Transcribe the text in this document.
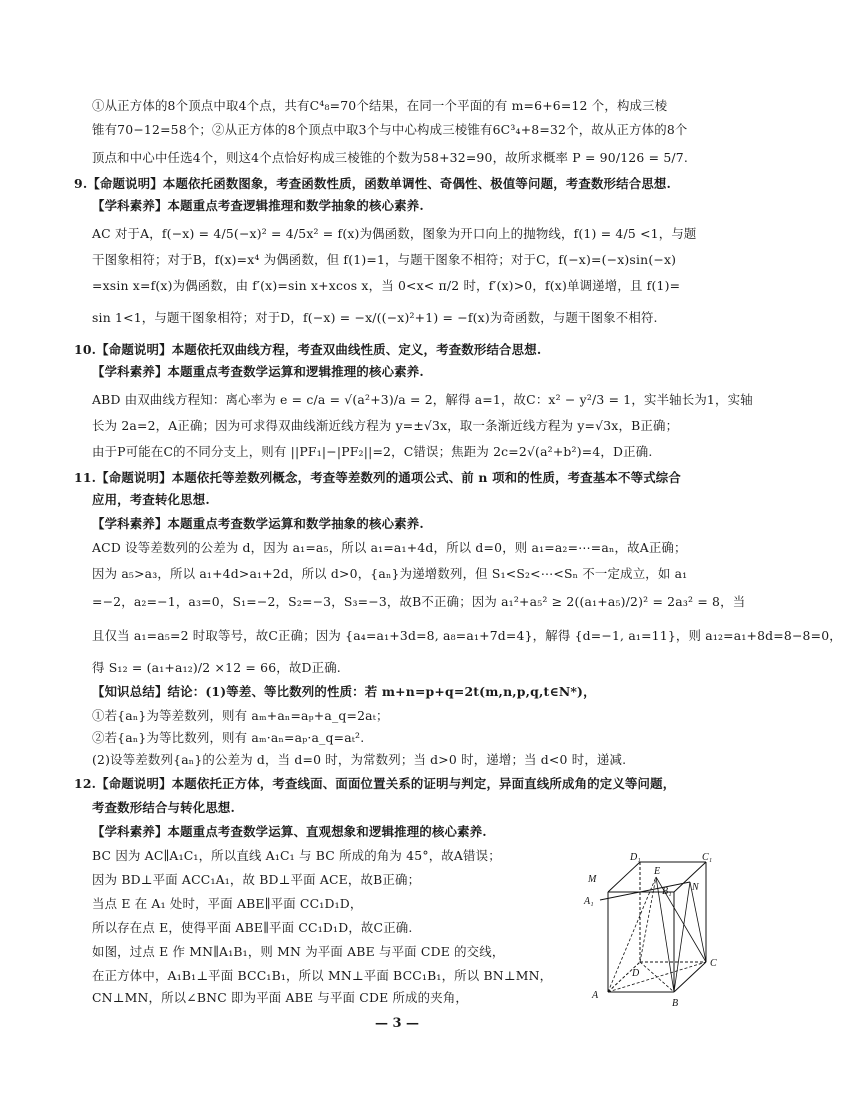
①从正方体的8个顶点中取4个点，共有C⁴₈=70个结果，在同一个平面的有 m=6+6=12 个，构成三棱
锥有70−12=58个；②从正方体的8个顶点中取3个与中心构成三棱锥有6C³₄+8=32个，故从正方体的8个
顶点和中心中任选4个，则这4个点恰好构成三棱锥的个数为58+32=90，故所求概率 P = 90/126 = 5/7.
9.【命题说明】本题依托函数图象，考查函数性质，函数单调性、奇偶性、极值等问题，考查数形结合思想.
【学科素养】本题重点考查逻辑推理和数学抽象的核心素养.
AC 对于A，f(−x) = 4/5(−x)² = 4/5x² = f(x)为偶函数，图象为开口向上的抛物线，f(1) = 4/5 <1，与题
干图象相符；对于B，f(x)=x⁴ 为偶函数，但 f(1)=1，与题干图象不相符；对于C，f(−x)=(−x)sin(−x)
=xsin x=f(x)为偶函数，由 f′(x)=sin x+xcos x，当 0<x< π/2 时，f′(x)>0，f(x)单调递增，且 f(1)=
sin 1<1，与题干图象相符；对于D，f(−x) = −x/((−x)²+1) = −f(x)为奇函数，与题干图象不相符.
10.【命题说明】本题依托双曲线方程，考查双曲线性质、定义，考查数形结合思想.
【学科素养】本题重点考查数学运算和逻辑推理的核心素养.
ABD 由双曲线方程知：离心率为 e = c/a = √(a²+3)/a = 2，解得 a=1，故C：x² − y²/3 = 1，实半轴长为1，实轴
长为 2a=2，A正确；因为可求得双曲线渐近线方程为 y=±√3x，取一条渐近线方程为 y=√3x，B正确；
由于P可能在C的不同分支上，则有 ||PF₁|−|PF₂||=2，C错误；焦距为 2c=2√(a²+b²)=4，D正确.
11.【命题说明】本题依托等差数列概念，考查等差数列的通项公式、前 n 项和的性质，考查基本不等式综合
应用，考查转化思想.
【学科素养】本题重点考查数学运算和数学抽象的核心素养.
ACD 设等差数列的公差为 d，因为 a₁=a₅，所以 a₁=a₁+4d，所以 d=0，则 a₁=a₂=⋯=aₙ，故A正确；
因为 a₅>a₃，所以 a₁+4d>a₁+2d，所以 d>0，{aₙ}为递增数列，但 S₁<S₂<⋯<Sₙ 不一定成立，如 a₁
=−2，a₂=−1，a₃=0，S₁=−2，S₂=−3，S₃=−3，故B不正确；因为 a₁²+a₅² ≥ 2((a₁+a₅)/2)² = 2a₃² = 8，当
且仅当 a₁=a₅=2 时取等号，故C正确；因为 {a₄=a₁+3d=8, a₈=a₁+7d=4}，解得 {d=−1, a₁=11}，则 a₁₂=a₁+8d=8−8=0，
得 S₁₂ = (a₁+a₁₂)/2 ×12 = 66，故D正确.
【知识总结】结论：(1)等差、等比数列的性质：若 m+n=p+q=2t(m,n,p,q,t∈N*)，
①若{aₙ}为等差数列，则有 aₘ+aₙ=aₚ+a_q=2aₜ；
②若{aₙ}为等比数列，则有 aₘ·aₙ=aₚ·a_q=aₜ².
(2)设等差数列{aₙ}的公差为 d，当 d=0 时，为常数列；当 d>0 时，递增；当 d<0 时，递减.
12.【命题说明】本题依托正方体，考查线面、面面位置关系的证明与判定，异面直线所成角的定义等问题，
考查数形结合与转化思想.
【学科素养】本题重点考查数学运算、直观想象和逻辑推理的核心素养.
BC 因为 AC∥A₁C₁，所以直线 A₁C₁ 与 BC 所成的角为 45°，故A错误；
因为 BD⊥平面 ACC₁A₁，故 BD⊥平面 ACE，故B正确；
当点 E 在 A₁ 处时，平面 ABE∥平面 CC₁D₁D，
所以存在点 E，使得平面 ABE∥平面 CC₁D₁D，故C正确.
如图，过点 E 作 MN∥A₁B₁，则 MN 为平面 ABE 与平面 CDE 的交线，
在正方体中，A₁B₁⊥平面 BCC₁B₁，所以 MN⊥平面 BCC₁B₁，所以 BN⊥MN，
CN⊥MN，所以∠BNC 即为平面 ABE 与平面 CDE 所成的夹角，
M
D₁
E
C₁
A₁
B₁ N
D
C
A
B
— 3 —
